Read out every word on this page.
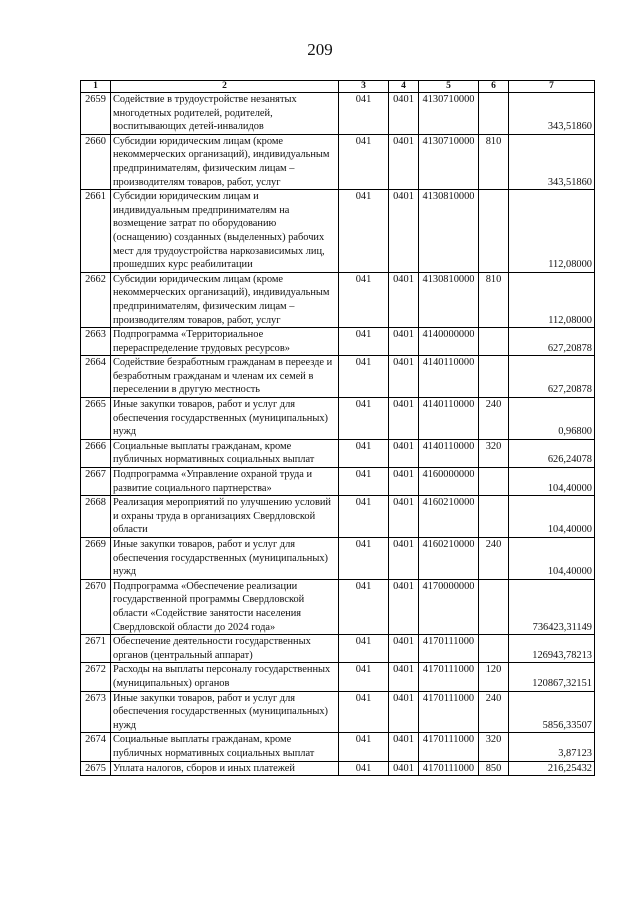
209
1	2	3	4	5	6	7
2659	Содействие в трудоустройстве незанятых многодетных родителей, родителей, воспитывающих детей-инвалидов	041	0401	4130710000		343,51860
2660	Субсидии юридическим лицам (кроме некоммерческих организаций), индивидуальным предпринимателям, физическим лицам – производителям товаров, работ, услуг	041	0401	4130710000	810	343,51860
2661	Субсидии юридическим лицам и индивидуальным предпринимателям на возмещение затрат по оборудованию (оснащению) созданных (выделенных) рабочих мест для трудоустройства наркозависимых лиц, прошедших курс реабилитации	041	0401	4130810000		112,08000
2662	Субсидии юридическим лицам (кроме некоммерческих организаций), индивидуальным предпринимателям, физическим лицам – производителям товаров, работ, услуг	041	0401	4130810000	810	112,08000
2663	Подпрограмма «Территориальное перераспределение трудовых ресурсов»	041	0401	4140000000		627,20878
2664	Содействие безработным гражданам в переезде и безработным гражданам и членам их семей в переселении в другую местность	041	0401	4140110000		627,20878
2665	Иные закупки товаров, работ и услуг для обеспечения государственных (муниципальных) нужд	041	0401	4140110000	240	0,96800
2666	Социальные выплаты гражданам, кроме публичных нормативных социальных выплат	041	0401	4140110000	320	626,24078
2667	Подпрограмма «Управление охраной труда и развитие социального партнерства»	041	0401	4160000000		104,40000
2668	Реализация мероприятий по улучшению условий и охраны труда в организациях Свердловской области	041	0401	4160210000		104,40000
2669	Иные закупки товаров, работ и услуг для обеспечения государственных (муниципальных) нужд	041	0401	4160210000	240	104,40000
2670	Подпрограмма «Обеспечение реализации государственной программы Свердловской области «Содействие занятости населения Свердловской области до 2024 года»	041	0401	4170000000		736423,31149
2671	Обеспечение деятельности государственных органов (центральный аппарат)	041	0401	4170111000		126943,78213
2672	Расходы на выплаты персоналу государственных (муниципальных) органов	041	0401	4170111000	120	120867,32151
2673	Иные закупки товаров, работ и услуг для обеспечения государственных (муниципальных) нужд	041	0401	4170111000	240	5856,33507
2674	Социальные выплаты гражданам, кроме публичных нормативных социальных выплат	041	0401	4170111000	320	3,87123
2675	Уплата налогов, сборов и иных платежей	041	0401	4170111000	850	216,25432
